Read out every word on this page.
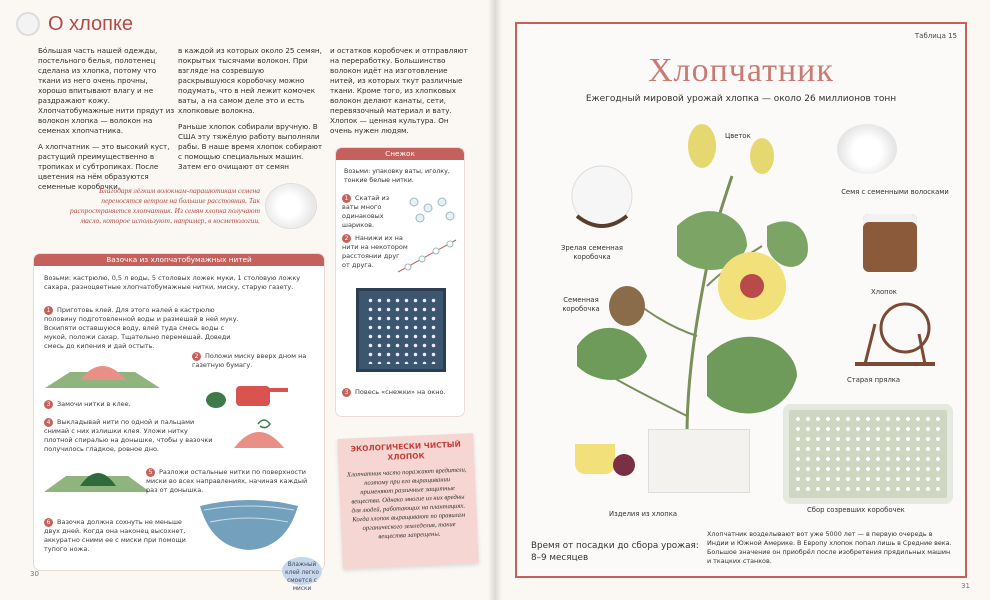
О хлопке

Бóльшая часть нашей одежды, постельного белья, полотенец сделана из хлопка, потому что ткани из него очень прочны, хорошо впитывают влагу и не раздражают кожу. Хлопчатобумажные нити прядут из волокон хлопка — волокон на семенах хлопчатника.

А хлопчатник — это высокий куст, растущий преимущественно в тропиках и субтропиках. После цветения на нём образуются семенные коробочки,

в каждой из которых около 25 семян, покрытых тысячами волокон. При взгляде на созревшую раскрывшуюся коробочку можно подумать, что в ней лежит комочек ваты, а на самом деле это и есть хлопковые волокна.

Раньше хлопок собирали вручную. В США эту тяжёлую работу выполняли рабы. В наше время хлопок собирают с помощью специальных машин. Затем его очищают от семян

и остатков коробочек и отправляют на переработку. Большинство волокон идёт на изготовление нитей, из которых ткут различные ткани. Кроме того, из хлопковых волокон делают канаты, сети, перевязочный материал и вату. Хлопок — ценная культура. Он очень нужен людям.

Благодаря лёгким волокнам-парашютикам семена переносятся ветром на большие расстояния. Так распространяется хлопчатник. Из семян хлопка получают масло, которое используют, например, в косметологии.
Вазочка из хлопчатобумажных нитей
Возьми: кастрюлю, 0,5 л воды, 5 столовых ложек муки, 1 столовую ложку сахара, разноцветные хлопчатобумажные нитки, миску, старую газету.
1 Приготовь клей. Для этого налей в кастрюлю половину подготовленной воды и размешай в ней муку. Вскипяти оставшуюся воду, влей туда смесь воды с мукой, положи сахар. Тщательно перемешай. Доведи смесь до кипения и дай остыть.
Влажный клей легко смоется с миски
2 Положи миску вверх дном на газетную бумагу.
3 Замочи нитки в клее.
4 Выкладывай нити по одной и пальцами снимай с них излишки клея. Уложи нитку плотной спиралью на донышке, чтобы у вазочки получилось гладкое, ровное дно.
5 Разложи остальные нитки по поверхности миски во всех направлениях, начиная каждый раз от донышка.
6 Вазочка должна сохнуть не меньше двух дней. Когда она наконец высохнет, аккуратно сними ее с миски при помощи тупого ножа.
Снежок
Возьми: упаковку ваты, иголку, тонкие белые нитки.
1 Скатай из ваты много одинаковых шариков.
2 Нанижи их на нити на некотором расстоянии друг от друга.
3 Повесь «снежки» на окно.
ЭКОЛОГИЧЕСКИ ЧИСТЫЙ ХЛОПОК
Хлопчатник часто поражают вредители, поэтому при его выращивании применяют различные защитные вещества. Однако многие из них вредны для людей, работающих на плантациях. Когда хлопок выращивают по правилам органического земледелия, такие вещества запрещены.
30
Таблица 15
Хлопчатник
Ежегодный мировой урожай хлопка — около 26 миллионов тонн
Цветок
Зрелая семенная коробочка
Семенная коробочка
Семя с семенными волосками
Хлопок
Старая прялка
Сбор созревших коробочек
Изделия из хлопка
Время от посадки до сбора урожая: 8–9 месяцев
Хлопчатник возделывают вот уже 5000 лет — в первую очередь в Индии и Южной Америке. В Европу хлопок попал лишь в Средние века. Большое значение он приобрёл после изобретения прядильных машин и ткацких станков.
31
